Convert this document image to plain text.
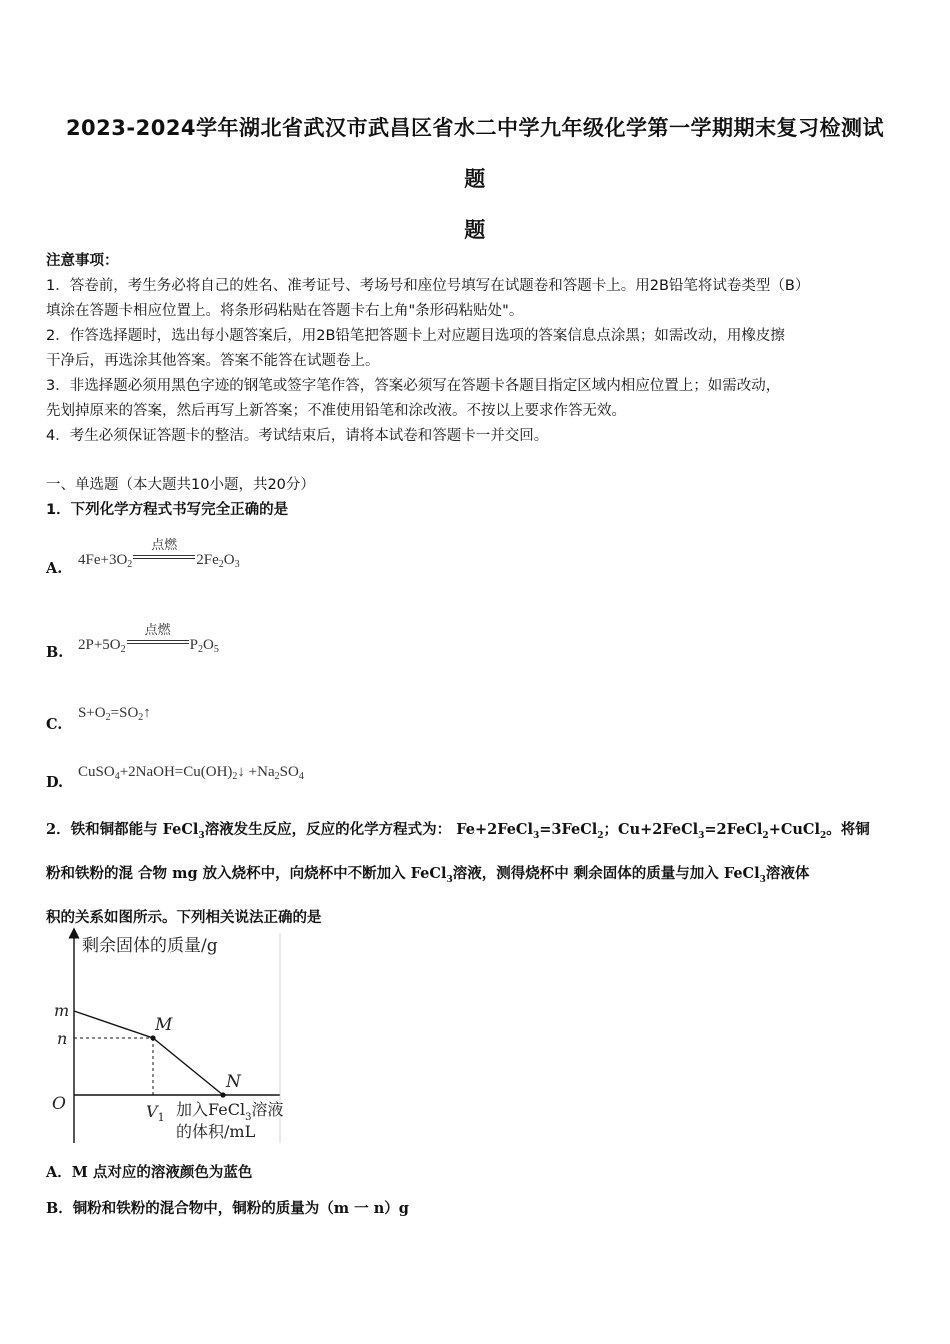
2023-2024学年湖北省武汉市武昌区省水二中学九年级化学第一学期期末复习检测试
题
题
注意事项：
1．答卷前，考生务必将自己的姓名、准考证号、考场号和座位号填写在试题卷和答题卡上。用2B铅笔将试卷类型（B）
填涂在答题卡相应位置上。将条形码粘贴在答题卡右上角"条形码粘贴处"。
2．作答选择题时，选出每小题答案后，用2B铅笔把答题卡上对应题目选项的答案信息点涂黑；如需改动，用橡皮擦
干净后，再选涂其他答案。答案不能答在试题卷上。
3．非选择题必须用黑色字迹的钢笔或签字笔作答，答案必须写在答题卡各题目指定区域内相应位置上；如需改动，
先划掉原来的答案，然后再写上新答案；不准使用铅笔和涂改液。不按以上要求作答无效。
4．考生必须保证答题卡的整洁。考试结束后，请将本试卷和答题卡一并交回。
一、单选题（本大题共10小题，共20分）
1．下列化学方程式书写完全正确的是
A. $4Fe+3O_2$
点燃
$2Fe_2O_3$
B. $2P+5O_2$
点燃
$P_2O_5$
C.
$S+O_2=SO_2↑$
D.
$CuSO_4+2NaOH=Cu(OH)_2↓ +Na_2SO_4$
2．铁和铜都能与 FeCl$_3$溶液发生反应，反应的化学方程式为： Fe+2FeCl$_3$=3FeCl$_2$；Cu+2FeCl$_3$=2FeCl$_2$+CuCl$_2$。将铜
粉和铁粉的混 合物 mg 放入烧杯中，向烧杯中不断加入 FeCl$_3$溶液，测得烧杯中 剩余固体的质量与加入 FeCl$_3$溶液体
积的关系如图所示。下列相关说法正确的是
剩余固体的质量/g
m
n
O
M
N
$V_1$ 加入FeCl$_3$溶液
的体积/mL
A．M 点对应的溶液颜色为蓝色
B．铜粉和铁粉的混合物中，铜粉的质量为（m 一 n）g
